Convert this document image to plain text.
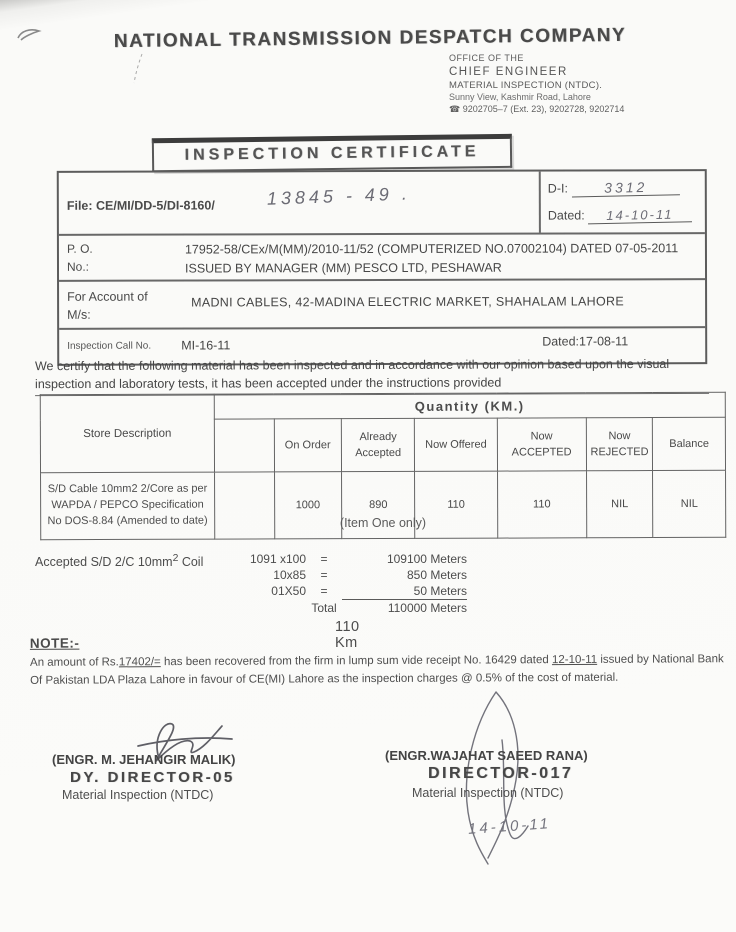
NATIONAL TRANSMISSION DESPATCH COMPANY
OFFICE OF THE
CHIEF ENGINEER
MATERIAL INSPECTION (NTDC).
Sunny View, Kashmir Road, Lahore
☎ 9202705–7 (Ext. 23), 9202728, 9202714
INSPECTION CERTIFICATE
File: CE/MI/DD-5/DI-8160/	13845 - 49 .	D-I:	3312
Dated: 14-10-11
P. O.
No.:
17952-58/CEx/M(MM)/2010-11/52 (COMPUTERIZED NO.07002104) DATED 07-05-2011 ISSUED BY MANAGER (MM) PESCO LTD, PESHAWAR
For Account of
M/s:
MADNI CABLES, 42-MADINA ELECTRIC MARKET, SHAHALAM LAHORE
Inspection Call No. MI-16-11	Dated:17-08-11
We certify that the following material has been inspected and in accordance with our opinion based upon the visual inspection and laboratory tests, it has been accepted under the instructions provided
Store Description	Quantity (KM.)						
		On Order	Already Accepted	Now Offered	Now ACCEPTED	Now REJECTED	Balance
S/D Cable 10mm2 2/Core as per WAPDA / PEPCO Specification No DOS-8.84 (Amended to date)		1000	890	110	110	NIL	NIL
(Item One only)
Accepted S/D 2/C $10mm^2$ Coil	1091 x100	=	109100 Meters
10x85	=	850 Meters
01X50	=	50 Meters
Total	110000 Meters
110 Km
NOTE:-

An amount of Rs.17402/= has been recovered from the firm in lump sum vide receipt No. 16429 dated 12-10-11 issued by National Bank Of Pakistan LDA Plaza Lahore in favour of CE(MI) Lahore as the inspection charges @ 0.5% of the cost of material.

(ENGR. M. JEHANGIR MALIK)
DY. DIRECTOR-05
Material Inspection (NTDC)
(ENGR.WAJAHAT SAEED RANA)
DIRECTOR-017
Material Inspection (NTDC)
14-10-11
